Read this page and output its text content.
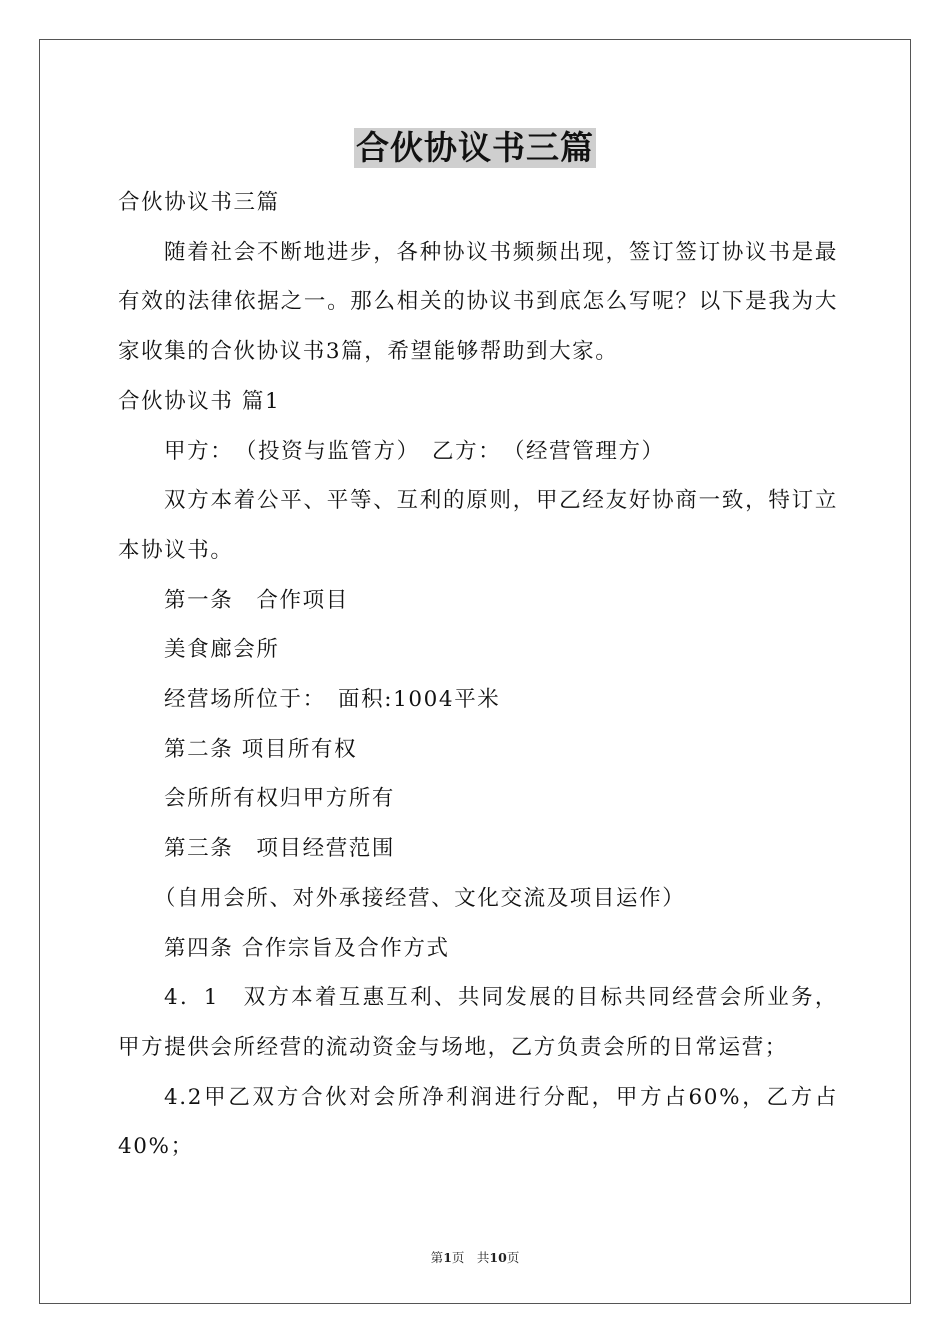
合伙协议书三篇

合伙协议书三篇

随着社会不断地进步，各种协议书频频出现，签订签订协议书是最有效的法律依据之一。那么相关的协议书到底怎么写呢？以下是我为大家收集的合伙协议书3篇，希望能够帮助到大家。

合伙协议书 篇1

甲方：　（投资与监管方）　乙方：　（经营管理方）

双方本着公平、平等、互利的原则，甲乙经友好协商一致，特订立本协议书。

第一条　合作项目

美食廊会所

经营场所位于：　面积:1004平米

第二条 项目所有权

会所所有权归甲方所有

第三条　项目经营范围

（自用会所、对外承接经营、文化交流及项目运作）

第四条 合作宗旨及合作方式

4．1　双方本着互惠互利、共同发展的目标共同经营会所业务，甲方提供会所经营的流动资金与场地，乙方负责会所的日常运营；

4.2甲乙双方合伙对会所净利润进行分配，甲方占60%，乙方占40%；

第1页　共10页
